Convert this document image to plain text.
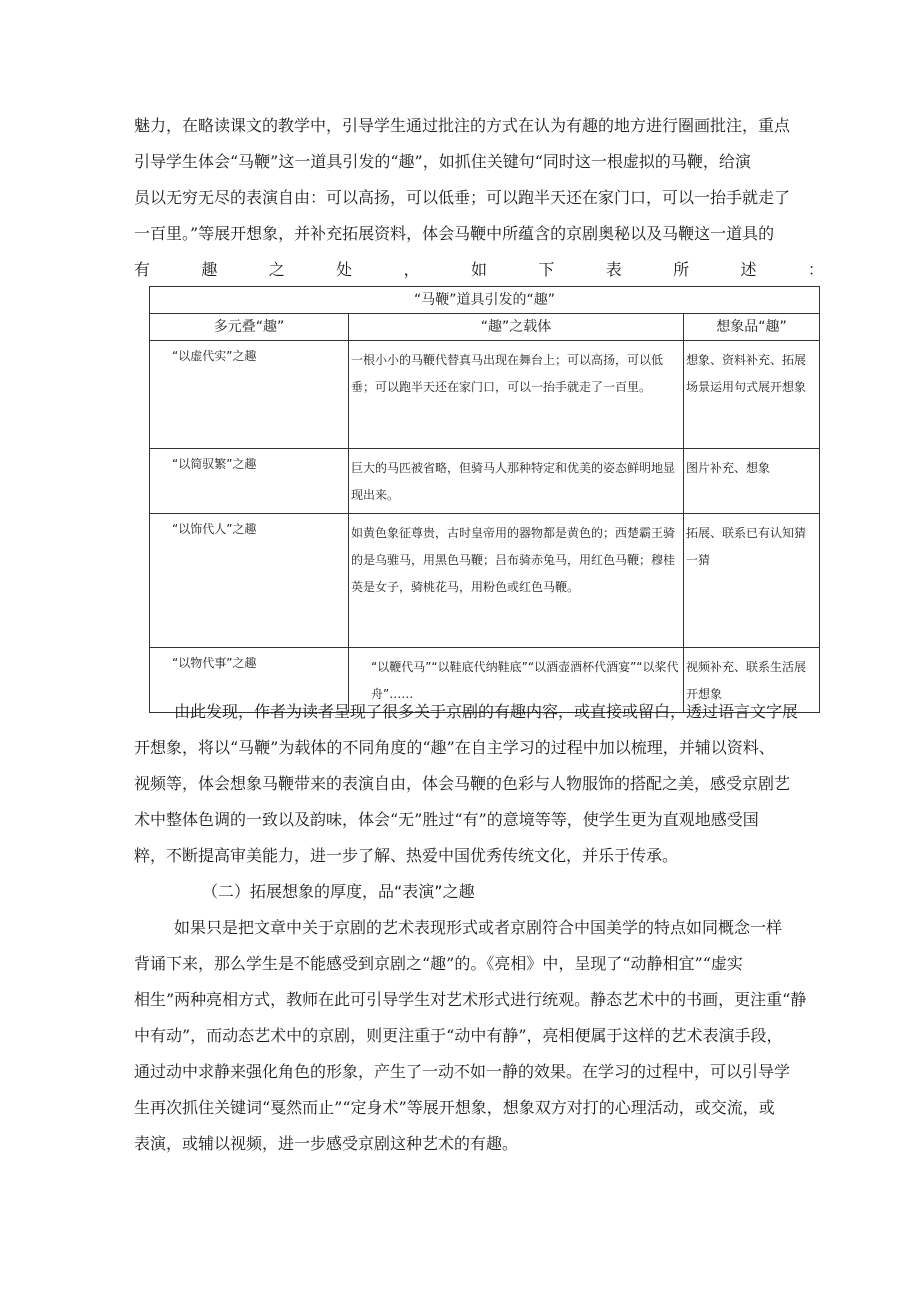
魅力，在略读课文的教学中，引导学生通过批注的方式在认为有趣的地方进行圈画批注，重点
引导学生体会“马鞭”这一道具引发的“趣”，如抓住关键句“同时这一根虚拟的马鞭，给演
员以无穷无尽的表演自由：可以高扬，可以低垂；可以跑半天还在家门口，可以一抬手就走了
一百里。”等展开想象，并补充拓展资料，体会马鞭中所蕴含的京剧奥秘以及马鞭这一道具的
有	趣	之	处	，	如	下	表	所	述	：
“马鞭”道具引发的“趣”		
多元叠“趣”	“趣”之载体	想象品“趣”
“以虚代实”之趣	一根小小的马鞭代替真马出现在舞台上；可以高扬，可以低垂；可以跑半天还在家门口，可以一抬手就走了一百里。	想象、资料补充、拓展场景运用句式展开想象
“以简驭繁”之趣	巨大的马匹被省略，但骑马人那种特定和优美的姿态鲜明地显现出来。	图片补充、想象
“以饰代人”之趣	如黄色象征尊贵，古时皇帝用的器物都是黄色的；西楚霸王骑的是乌骓马，用黑色马鞭；吕布骑赤兔马，用红色马鞭；穆桂英是女子，骑桃花马，用粉色或红色马鞭。	拓展、联系已有认知猜一猜
“以物代事”之趣	“以鞭代马”“以鞋底代纳鞋底”“以酒壶酒杯代酒宴”“以桨代舟”……	视频补充、联系生活展开想象
由此发现，作者为读者呈现了很多关于京剧的有趣内容，或直接或留白，透过语言文字展
开想象，将以“马鞭”为载体的不同角度的“趣”在自主学习的过程中加以梳理，并辅以资料、
视频等，体会想象马鞭带来的表演自由，体会马鞭的色彩与人物服饰的搭配之美，感受京剧艺
术中整体色调的一致以及韵味，体会“无”胜过“有”的意境等等，使学生更为直观地感受国
粹，不断提高审美能力，进一步了解、热爱中国优秀传统文化，并乐于传承。
（二）拓展想象的厚度，品“表演”之趣
如果只是把文章中关于京剧的艺术表现形式或者京剧符合中国美学的特点如同概念一样
背诵下来，那么学生是不能感受到京剧之“趣”的。《亮相》中，呈现了“动静相宜”“虚实
相生”两种亮相方式，教师在此可引导学生对艺术形式进行统观。静态艺术中的书画，更注重“静
中有动”，而动态艺术中的京剧，则更注重于“动中有静”，亮相便属于这样的艺术表演手段，
通过动中求静来强化角色的形象，产生了一动不如一静的效果。在学习的过程中，可以引导学
生再次抓住关键词“戛然而止”“定身术”等展开想象，想象双方对打的心理活动，或交流，或
表演，或辅以视频，进一步感受京剧这种艺术的有趣。
